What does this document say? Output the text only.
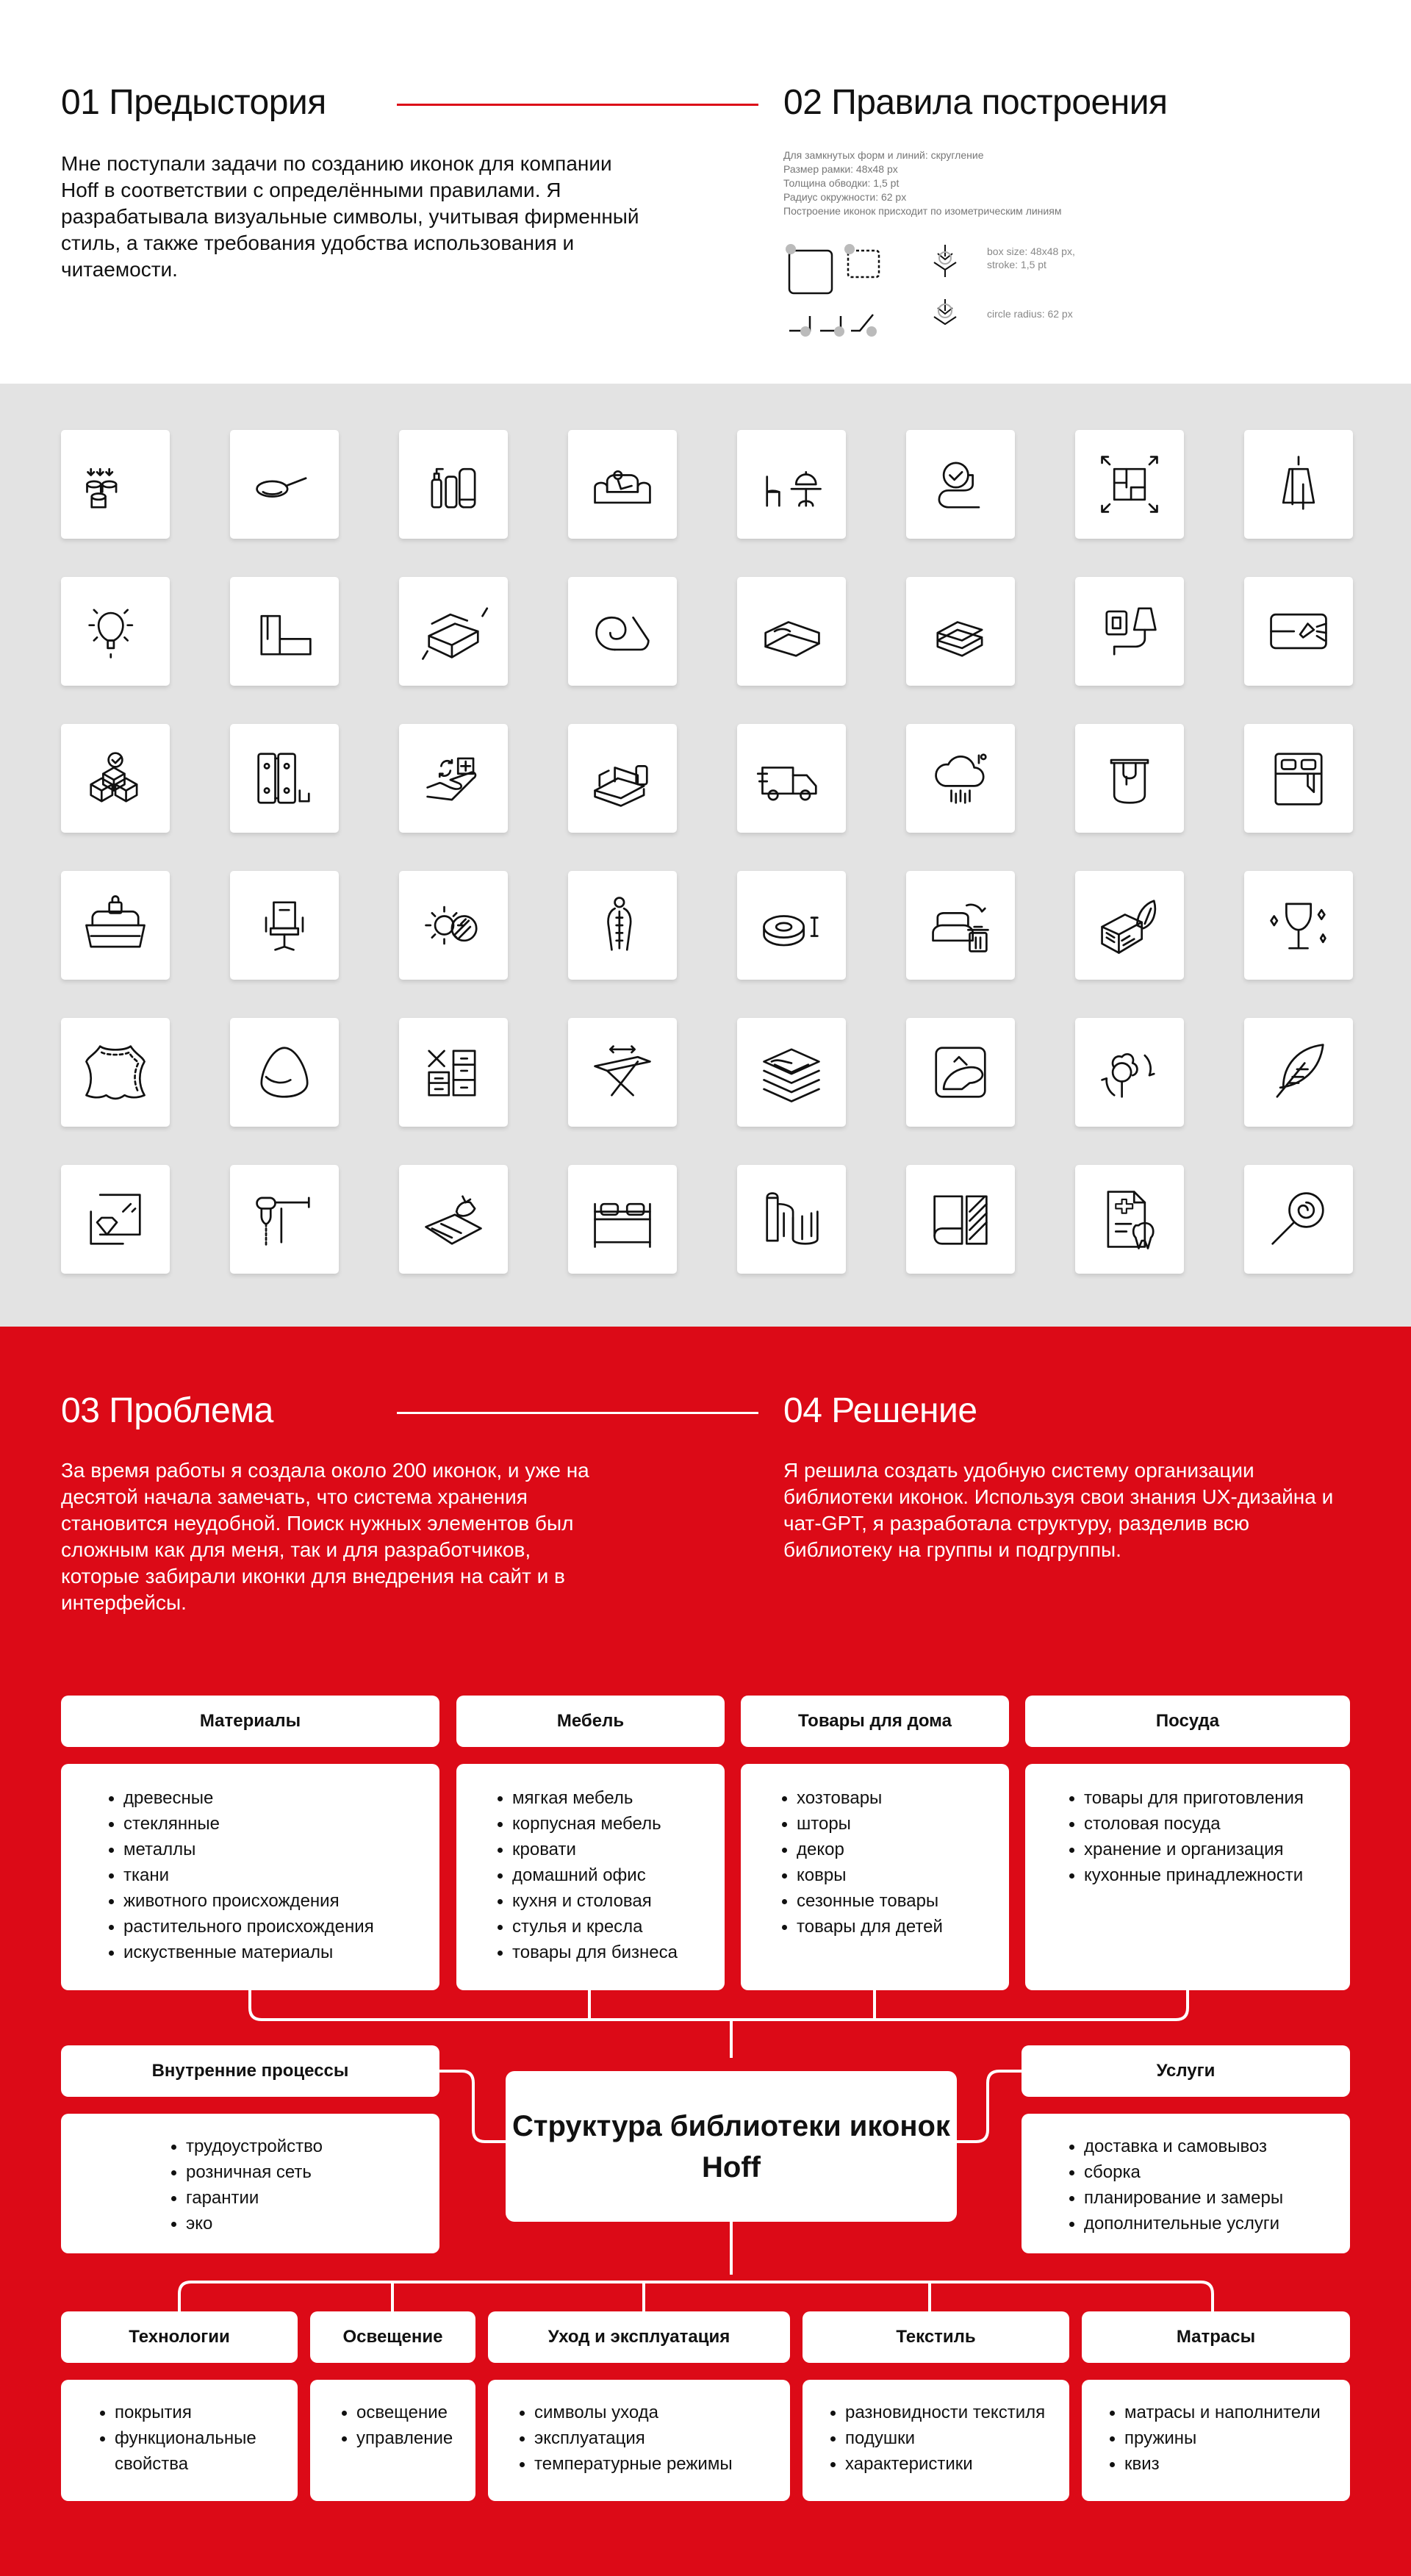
01 Предыстория

Мне поступали задачи по созданию иконок для компании Hoff в соответствии с определёнными правилами. Я разрабатывала визуальные символы, учитывая фирменный стиль, а также требования удобства использования и читаемости.

02 Правила построения
Для замкнутых форм и линий: скругление
Размер рамки: 48x48 px
Толщина обводки: 1,5 pt
Радиус окружности: 62 px
Построение иконок присходит по изометрическим линиям
box size: 48x48 px,
stroke: 1,5 pt
circle radius: 62 px
03 Проблема

За время работы я создала около 200 иконок, и уже на десятой начала замечать, что система хранения становится неудобной. Поиск нужных элементов был сложным как для меня, так и для разработчиков, которые забирали иконки для внедрения на сайт и в интерфейсы.

04 Решение

Я решила создать удобную систему организации библиотеки иконок. Используя свои знания UX-дизайна и чат-GPT, я разработала структуру, разделив всю библиотеку на группы и подгруппы.

Материалы
древесные
стеклянные
металлы
ткани
животного происхождения
растительного происхождения
искуственные материалы
Мебель
мягкая мебель
корпусная мебель
кровати
домашний офис
кухня и столовая
стулья и кресла
товары для бизнеса
Товары для дома
хозтовары
шторы
декор
ковры
сезонные товары
товары для детей
Посуда
товары для приготовления
столовая посуда
хранение и организация
кухонные принадлежности
Внутренние процессы
трудоустройство
розничная сеть
гарантии
эко
Структура библиотеки иконок Hoff
Услуги
доставка и самовывоз
сборка
планирование и замеры
дополнительные услуги
Технологии
покрытия
функциональные свойства
Освещение
освещение
управление
Уход и эксплуатация
символы ухода
эксплуатация
температурные режимы
Текстиль
разновидности текстиля
подушки
характеристики
Матрасы
матрасы и наполнители
пружины
квиз
